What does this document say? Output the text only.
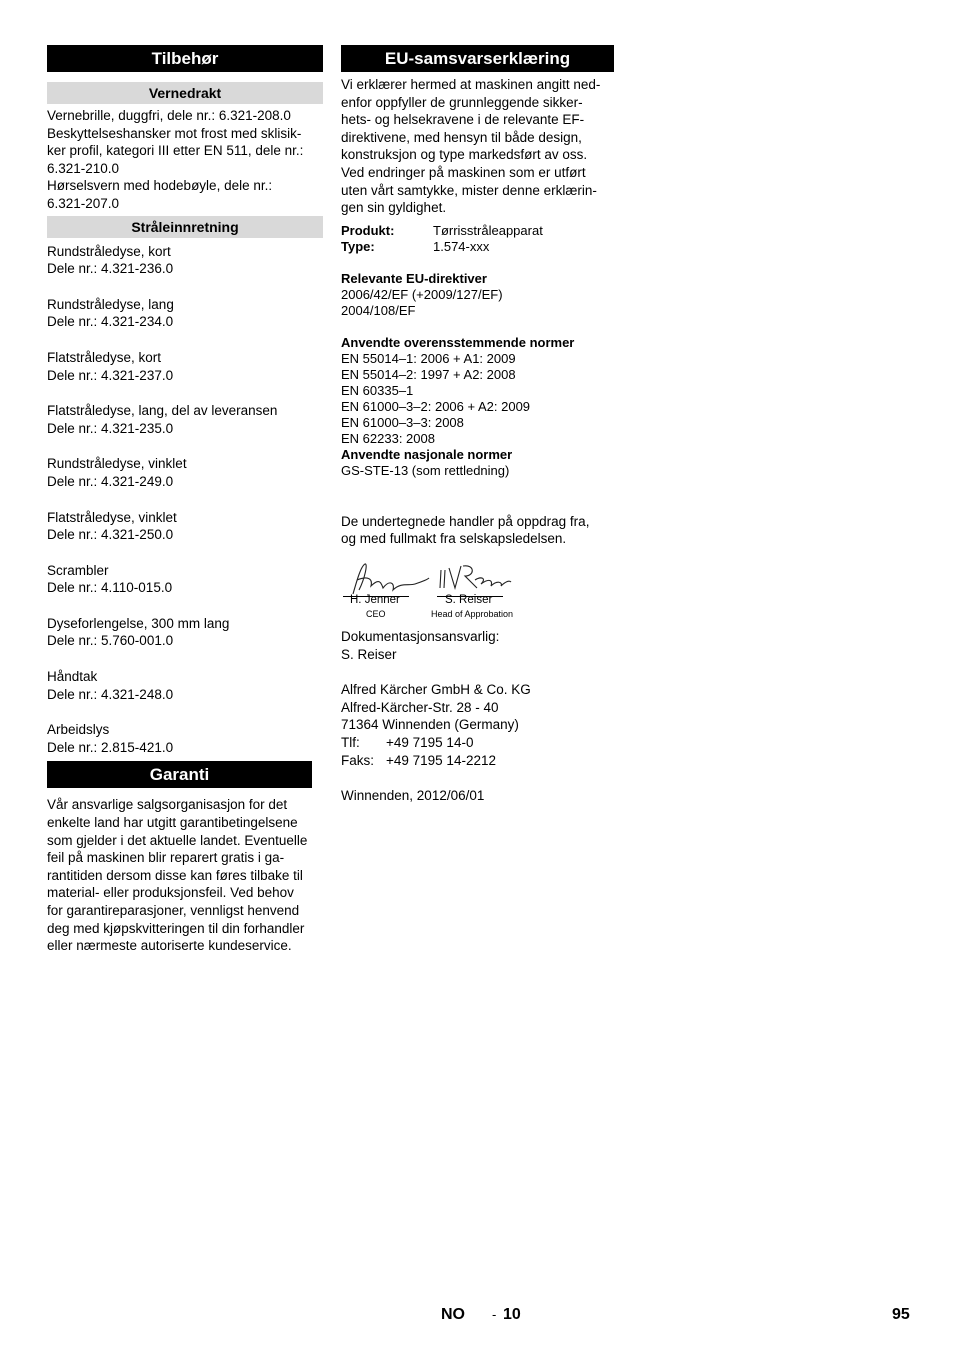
Tilbehør
Vernedrakt

Vernebrille, duggfri, dele nr.: 6.321-208.0

Beskyttelseshansker mot frost med sklisik-

ker profil, kategori III etter EN 511, dele nr.:

6.321-210.0

Hørselsvern med hodebøyle, dele nr.:

6.321-207.0

Stråleinnretning

Rundstråledyse, kort

Dele nr.: 4.321-236.0

Rundstråledyse, lang

Dele nr.: 4.321-234.0

Flatstråledyse, kort

Dele nr.: 4.321-237.0

Flatstråledyse, lang, del av leveransen

Dele nr.: 4.321-235.0

Rundstråledyse, vinklet

Dele nr.: 4.321-249.0

Flatstråledyse, vinklet

Dele nr.: 4.321-250.0

Scrambler

Dele nr.: 4.110-015.0

Dyseforlengelse, 300 mm lang

Dele nr.: 5.760-001.0

Håndtak

Dele nr.: 4.321-248.0

Arbeidslys

Dele nr.: 2.815-421.0

Garanti

Vår ansvarlige salgsorganisasjon for det

enkelte land har utgitt garantibetingelsene

som gjelder i det aktuelle landet. Eventuelle

feil på maskinen blir reparert gratis i ga-

rantitiden dersom disse kan føres tilbake til

material- eller produksjonsfeil. Ved behov

for garantireparasjoner, vennligst henvend

deg med kjøpskvitteringen til din forhandler

eller nærmeste autoriserte kundeservice.

EU-samsvarserklæring

Vi erklærer hermed at maskinen angitt ned-

enfor oppfyller de grunnleggende sikker-

hets- og helsekravene i de relevante EF-

direktivene, med hensyn til både design,

konstruksjon og type markedsført av oss.

Ved endringer på maskinen som er utført

uten vårt samtykke, mister denne erklærin-

gen sin gyldighet.

Produkt:	Tørrisstråleapparat
Type:	1.574-xxx

Relevante EU-direktiver

2006/42/EF (+2009/127/EF)

2004/108/EF

Anvendte overensstemmende normer

EN 55014–1: 2006 + A1: 2009

EN 55014–2: 1997 + A2: 2008

EN 60335–1

EN 61000–3–2: 2006 + A2: 2009

EN 61000–3–3: 2008

EN 62233: 2008

Anvendte nasjonale normer

GS-STE-13 (som rettledning)

De undertegnede handler på oppdrag fra,

og med fullmakt fra selskapsledelsen.

H. Jenner
CEO
S. Reiser
Head of Approbation

Dokumentasjonsansvarlig:

S. Reiser

Alfred Kärcher GmbH & Co. KG

Alfred-Kärcher-Str. 28 - 40

71364 Winnenden (Germany)

Tlf:	+49 7195 14-0
Faks: +49 7195 14-2212

Winnenden, 2012/06/01

NO - 10	95
